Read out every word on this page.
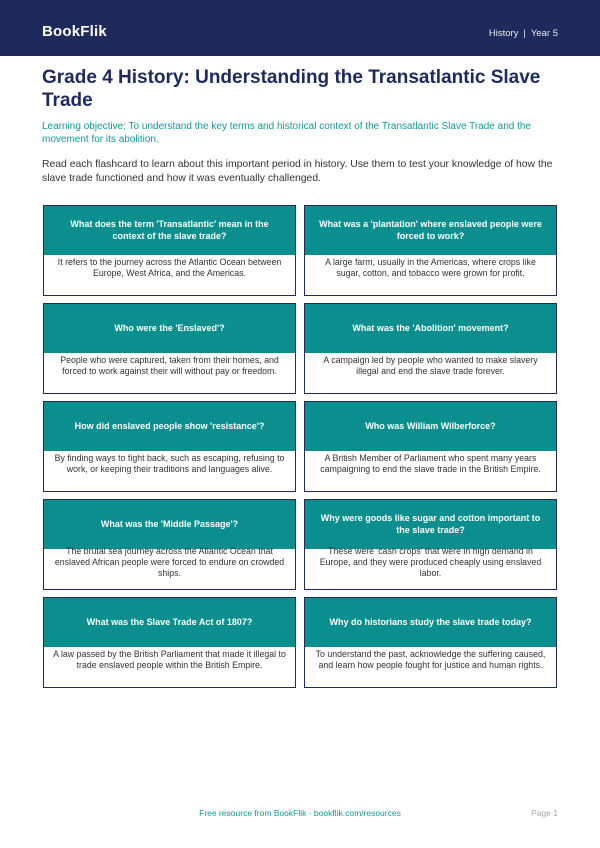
BookFlik	History | Year 5
Grade 4 History: Understanding the Transatlantic Slave Trade

Learning objective: To understand the key terms and historical context of the Transatlantic Slave Trade and the movement for its abolition.

Read each flashcard to learn about this important period in history. Use them to test your knowledge of how the slave trade functioned and how it was eventually challenged.

What does the term 'Transatlantic' mean in the context of the slave trade?
It refers to the journey across the Atlantic Ocean between Europe, West Africa, and the Americas.
What was a 'plantation' where enslaved people were forced to work?
A large farm, usually in the Americas, where crops like sugar, cotton, and tobacco were grown for profit.
Who were the 'Enslaved'?
People who were captured, taken from their homes, and forced to work against their will without pay or freedom.
What was the 'Abolition' movement?
A campaign led by people who wanted to make slavery illegal and end the slave trade forever.
How did enslaved people show 'resistance'?
By finding ways to fight back, such as escaping, refusing to work, or keeping their traditions and languages alive.
Who was William Wilberforce?
A British Member of Parliament who spent many years campaigning to end the slave trade in the British Empire.
What was the 'Middle Passage'?
The brutal sea journey across the Atlantic Ocean that enslaved African people were forced to endure on crowded ships.
Why were goods like sugar and cotton important to the slave trade?
These were 'cash crops' that were in high demand in Europe, and they were produced cheaply using enslaved labor.
What was the Slave Trade Act of 1807?
A law passed by the British Parliament that made it illegal to trade enslaved people within the British Empire.
Why do historians study the slave trade today?
To understand the past, acknowledge the suffering caused, and learn how people fought for justice and human rights.
Free resource from BookFlik · bookflik.com/resources	Page 1
